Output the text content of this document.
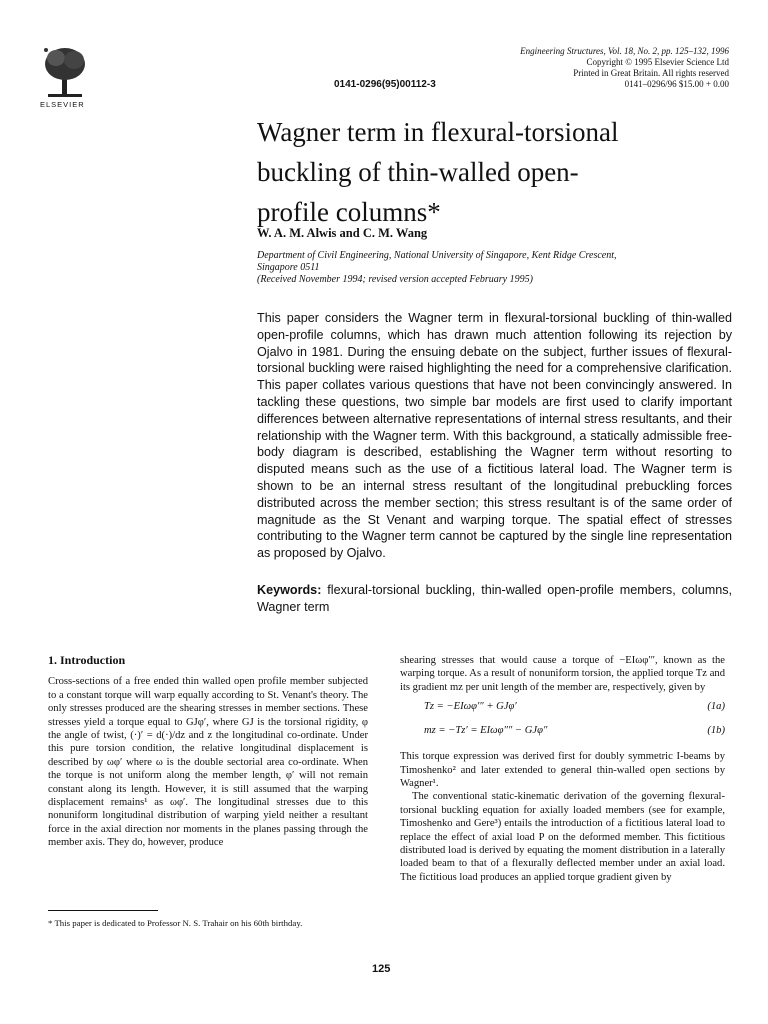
ELSEVIER
0141-0296(95)00112-3
Engineering Structures, Vol. 18, No. 2, pp. 125–132, 1996
Copyright © 1995 Elsevier Science Ltd
Printed in Great Britain. All rights reserved
0141–0296/96 $15.00 + 0.00
Wagner term in flexural-torsional
buckling of thin-walled open-
profile columns*
W. A. M. Alwis and C. M. Wang
Department of Civil Engineering, National University of Singapore, Kent Ridge Crescent,
Singapore 0511
(Received November 1994; revised version accepted February 1995)
This paper considers the Wagner term in flexural-torsional buckling of thin-walled open-profile columns, which has drawn much attention following its rejection by Ojalvo in 1981. During the ensuing debate on the subject, further issues of flexural-torsional buckling were raised highlighting the need for a comprehensive clarification. This paper collates various questions that have not been convincingly answered. In tackling these questions, two simple bar models are first used to clarify important differences between alternative representations of internal stress resultants, and their relationship with the Wagner term. With this background, a statically admissible free-body diagram is described, establishing the Wagner term without resorting to disputed means such as the use of a fictitious lateral load. The Wagner term is shown to be an internal stress resultant of the longitudinal prebuckling forces distributed across the member section; this stress resultant is of the same order of magnitude as the St Venant and warping torque. The spatial effect of stresses contributing to the Wagner term cannot be captured by the single line representation as proposed by Ojalvo.
Keywords: flexural-torsional buckling, thin-walled open-profile members, columns, Wagner term
1. Introduction

Cross-sections of a free ended thin walled open profile member subjected to a constant torque will warp equally according to St. Venant's theory. The only stresses produced are the shearing stresses in member sections. These stresses yield a torque equal to GJφ′, where GJ is the torsional rigidity, φ the angle of twist, (·)′ = d(·)/dz and z the longitudinal co-ordinate. Under this pure torsion condition, the relative longitudinal displacement is described by ωφ′ where ω is the double sectorial area co-ordinate. When the torque is not uniform along the member length, φ′ will not remain constant along its length. However, it is still assumed that the warping displacement remains¹ as ωφ′. The longitudinal stresses due to this nonuniform longitudinal distribution of warping yield neither a resultant force in the axial direction nor moments in the planes passing through the member axis. They do, however, produce

shearing stresses that would cause a torque of −EIωφ′″, known as the warping torque. As a result of nonuniform torsion, the applied torque Tz and its gradient mz per unit length of the member are, respectively, given by

Tz = −EIωφ′″ + GJφ′	(1a)
mz = −Tz′ = EIωφ″″ − GJφ″	(1b)

This torque expression was derived first for doubly symmetric I-beams by Timoshenko² and later extended to general thin-walled open sections by Wagner¹.

The conventional static-kinematic derivation of the governing flexural-torsional buckling equation for axially loaded members (see for example, Timoshenko and Gere³) entails the introduction of a fictitious lateral load to replace the effect of axial load P on the deformed member. This fictitious distributed load is derived by equating the moment distribution in a laterally loaded beam to that of a flexurally deflected member under an axial load. The fictitious load produces an applied torque gradient given by

* This paper is dedicated to Professor N. S. Trahair on his 60th birthday.
125
